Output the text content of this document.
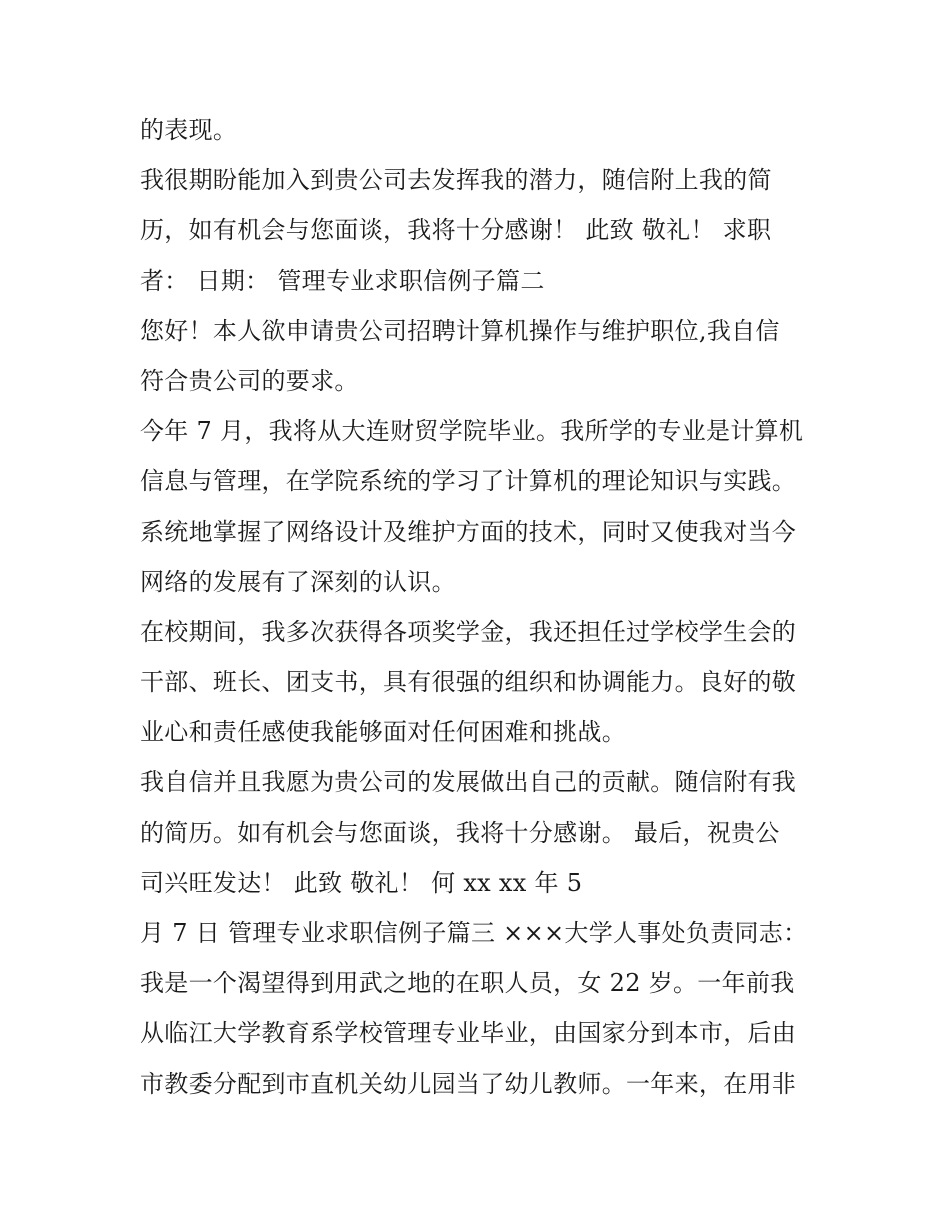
的表现。
我很期盼能加入到贵公司去发挥我的潜力，随信附上我的简
历，如有机会与您面谈，我将十分感谢！ 此致 敬礼！ 求职
者： 日期： 管理专业求职信例子篇二
您好！本人欲申请贵公司招聘计算机操作与维护职位,我自信
符合贵公司的要求。
今年 7 月，我将从大连财贸学院毕业。我所学的专业是计算机
信息与管理，在学院系统的学习了计算机的理论知识与实践。
系统地掌握了网络设计及维护方面的技术，同时又使我对当今
网络的发展有了深刻的认识。
在校期间，我多次获得各项奖学金，我还担任过学校学生会的
干部、班长、团支书，具有很强的组织和协调能力。良好的敬
业心和责任感使我能够面对任何困难和挑战。
我自信并且我愿为贵公司的发展做出自己的贡献。随信附有我
的简历。如有机会与您面谈，我将十分感谢。 最后，祝贵公
司兴旺发达！ 此致 敬礼！ 何 xx xx 年 5
月 7 日 管理专业求职信例子篇三 ×××大学人事处负责同志：
我是一个渴望得到用武之地的在职人员，女 22 岁。一年前我
从临江大学教育系学校管理专业毕业，由国家分到本市，后由
市教委分配到市直机关幼儿园当了幼儿教师。一年来，在用非
